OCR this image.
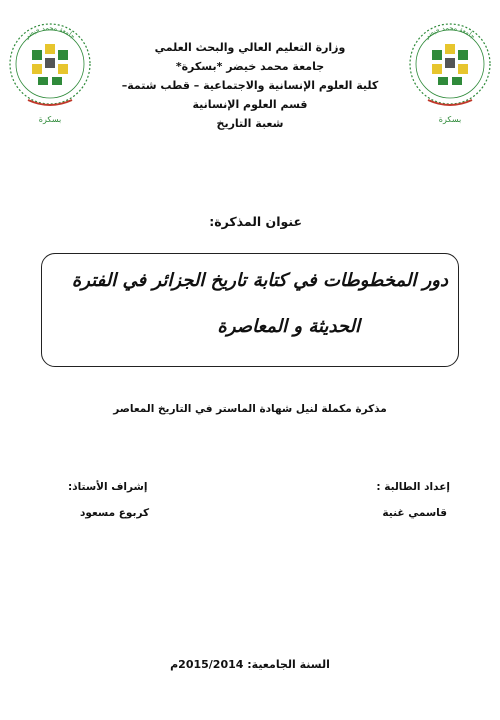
جامعة محمد خيضر
بسكرة
جامعة محمد خيضر
بسكرة
وزارة التعليم العالي والبحث العلمي
جامعة محمد خيضر *بسكرة*
كلية العلوم الإنسانية والاجتماعية – قطب شتمة–
قسم العلوم الإنسانية
شعبة التاريخ
عنوان المذكرة:
دور المخطوطات في كتابة تاريخ الجزائر في الفترة
الحديثة و المعاصرة
مذكرة مكملة لنيل شهادة الماستر في التاريخ المعاصر
إعداد الطالبة :
قاسمي غنية
إشراف الأستاذ:
كربوع مسعود
السنة الجامعية: 2015/2014م
